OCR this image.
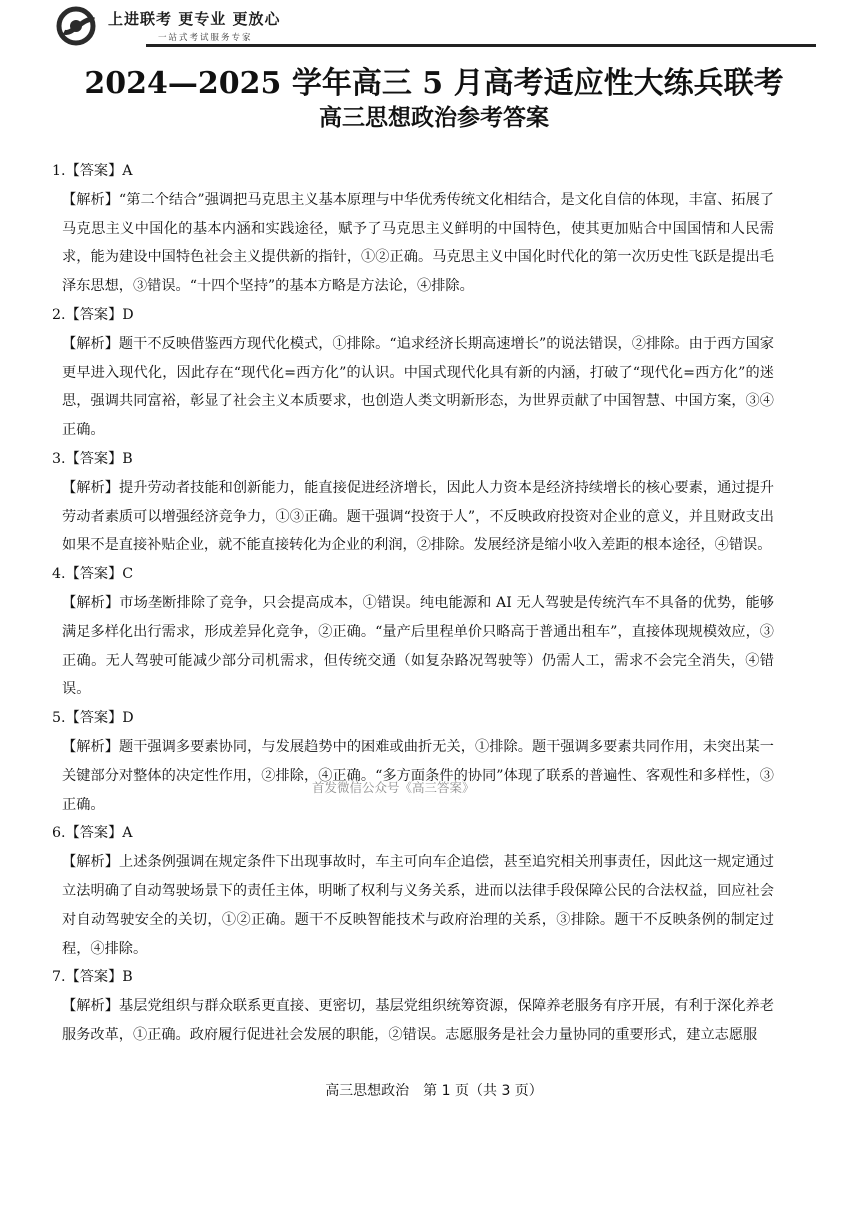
上进联考 更专业 更放心
一站式考试服务专家
2024—2025 学年高三 5 月高考适应性大练兵联考
高三思想政治参考答案
1.【答案】A
【解析】“第二个结合”强调把马克思主义基本原理与中华优秀传统文化相结合，是文化自信的体现，丰富、拓展了马克思主义中国化的基本内涵和实践途径，赋予了马克思主义鲜明的中国特色，使其更加贴合中国国情和人民需求，能为建设中国特色社会主义提供新的指针，①②正确。马克思主义中国化时代化的第一次历史性飞跃是提出毛泽东思想，③错误。“十四个坚持”的基本方略是方法论，④排除。
2.【答案】D
【解析】题干不反映借鉴西方现代化模式，①排除。“追求经济长期高速增长”的说法错误，②排除。由于西方国家更早进入现代化，因此存在“现代化=西方化”的认识。中国式现代化具有新的内涵，打破了“现代化=西方化”的迷思，强调共同富裕，彰显了社会主义本质要求，也创造人类文明新形态，为世界贡献了中国智慧、中国方案，③④正确。
3.【答案】B
【解析】提升劳动者技能和创新能力，能直接促进经济增长，因此人力资本是经济持续增长的核心要素，通过提升劳动者素质可以增强经济竞争力，①③正确。题干强调“投资于人”，不反映政府投资对企业的意义，并且财政支出如果不是直接补贴企业，就不能直接转化为企业的利润，②排除。发展经济是缩小收入差距的根本途径，④错误。
4.【答案】C
【解析】市场垄断排除了竞争，只会提高成本，①错误。纯电能源和 AI 无人驾驶是传统汽车不具备的优势，能够满足多样化出行需求，形成差异化竞争，②正确。“量产后里程单价只略高于普通出租车”，直接体现规模效应，③正确。无人驾驶可能减少部分司机需求，但传统交通（如复杂路况驾驶等）仍需人工，需求不会完全消失，④错误。
5.【答案】D
【解析】题干强调多要素协同，与发展趋势中的困难或曲折无关，①排除。题干强调多要素共同作用，未突出某一关键部分对整体的决定性作用，②排除，④正确。“多方面条件的协同”体现了联系的普遍性、客观性和多样性，③正确。
6.【答案】A
【解析】上述条例强调在规定条件下出现事故时，车主可向车企追偿，甚至追究相关刑事责任，因此这一规定通过立法明确了自动驾驶场景下的责任主体，明晰了权利与义务关系，进而以法律手段保障公民的合法权益，回应社会对自动驾驶安全的关切，①②正确。题干不反映智能技术与政府治理的关系，③排除。题干不反映条例的制定过程，④排除。
7.【答案】B
【解析】基层党组织与群众联系更直接、更密切，基层党组织统筹资源，保障养老服务有序开展，有利于深化养老服务改革，①正确。政府履行促进社会发展的职能，②错误。志愿服务是社会力量协同的重要形式，建立志愿服
首发微信公众号《高三答案》
高三思想政治　第 1 页（共 3 页）
